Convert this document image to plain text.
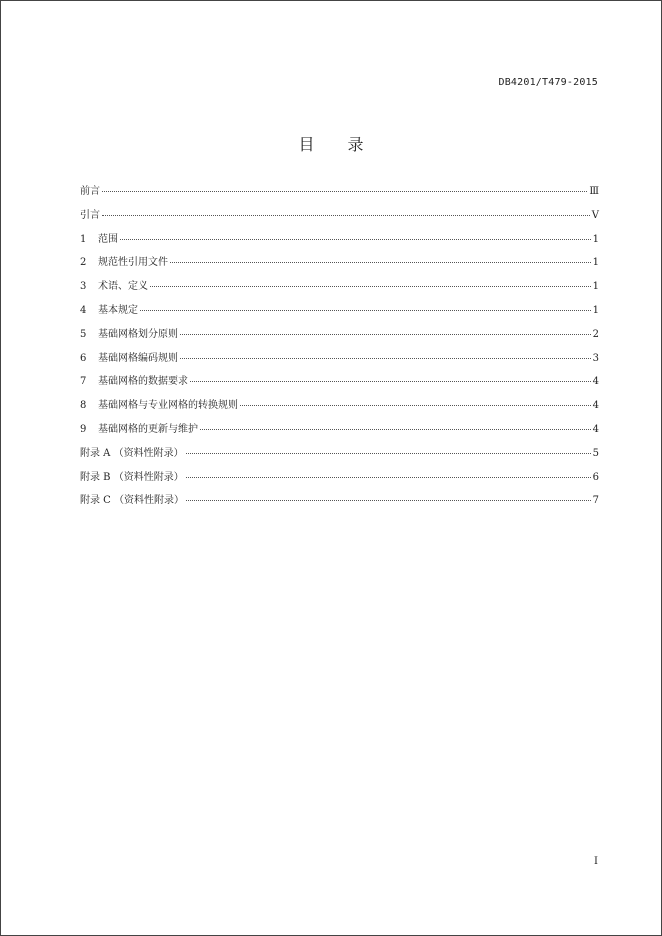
DB4201/T479-2015
目 录
前言	Ⅲ
引言	Ⅴ
1	范围	1
2	规范性引用文件	1
3	术语、定义	1
4	基本规定	1
5	基础网格划分原则	2
6	基础网格编码规则	3
7	基础网格的数据要求	4
8	基础网格与专业网格的转换规则	4
9	基础网格的更新与维护	4
附录 A （资料性附录）	5
附录 B （资料性附录）	6
附录 C （资料性附录）	7
I
